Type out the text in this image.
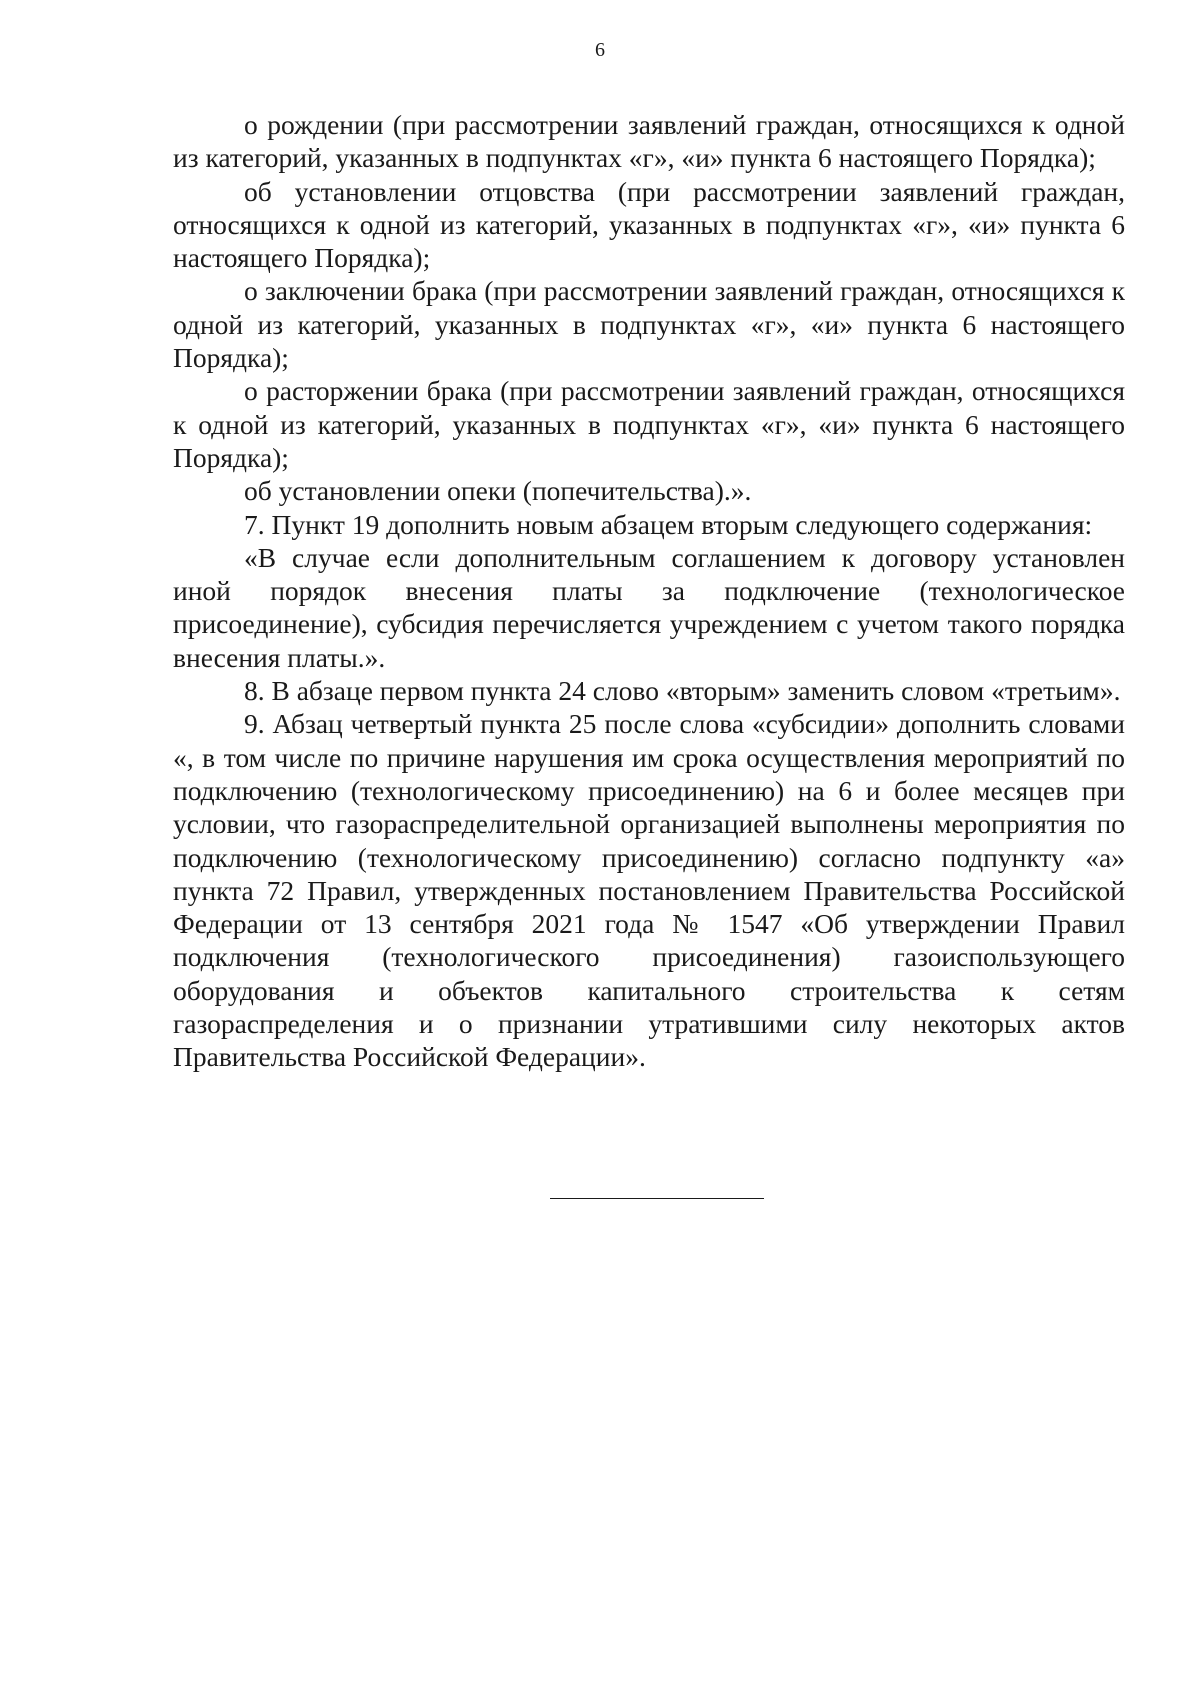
6

о рождении (при рассмотрении заявлений граждан, относящихся к одной из категорий, указанных в подпунктах «г», «и» пункта 6 настоящего Порядка);

об установлении отцовства (при рассмотрении заявлений граждан, относящихся к одной из категорий, указанных в подпунктах «г», «и» пункта 6 настоящего Порядка);

о заключении брака (при рассмотрении заявлений граждан, относящихся к одной из категорий, указанных в подпунктах «г», «и» пункта 6 настоящего Порядка);

о расторжении брака (при рассмотрении заявлений граждан, относящихся к одной из категорий, указанных в подпунктах «г», «и» пункта 6 настоящего Порядка);

об установлении опеки (попечительства).».

7. Пункт 19 дополнить новым абзацем вторым следующего содержания:

«В случае если дополнительным соглашением к договору установлен иной порядок внесения платы за подключение (технологическое присоединение), субсидия перечисляется учреждением с учетом такого порядка внесения платы.».

8. В абзаце первом пункта 24 слово «вторым» заменить словом «третьим».

9. Абзац четвертый пункта 25 после слова «субсидии» дополнить словами «, в том числе по причине нарушения им срока осуществления мероприятий по подключению (технологическому присоединению) на 6 и более месяцев при условии, что газораспределительной организацией выполнены мероприятия по подключению (технологическому присоединению) согласно подпункту «а» пункта 72 Правил, утвержденных постановлением Правительства Российской Федерации от 13 сентября 2021 года № 1547 «Об утверждении Правил подключения (технологического присоединения) газоиспользующего оборудования и объектов капитального строительства к сетям газораспределения и о признании утратившими силу некоторых актов Правительства Российской Федерации».
